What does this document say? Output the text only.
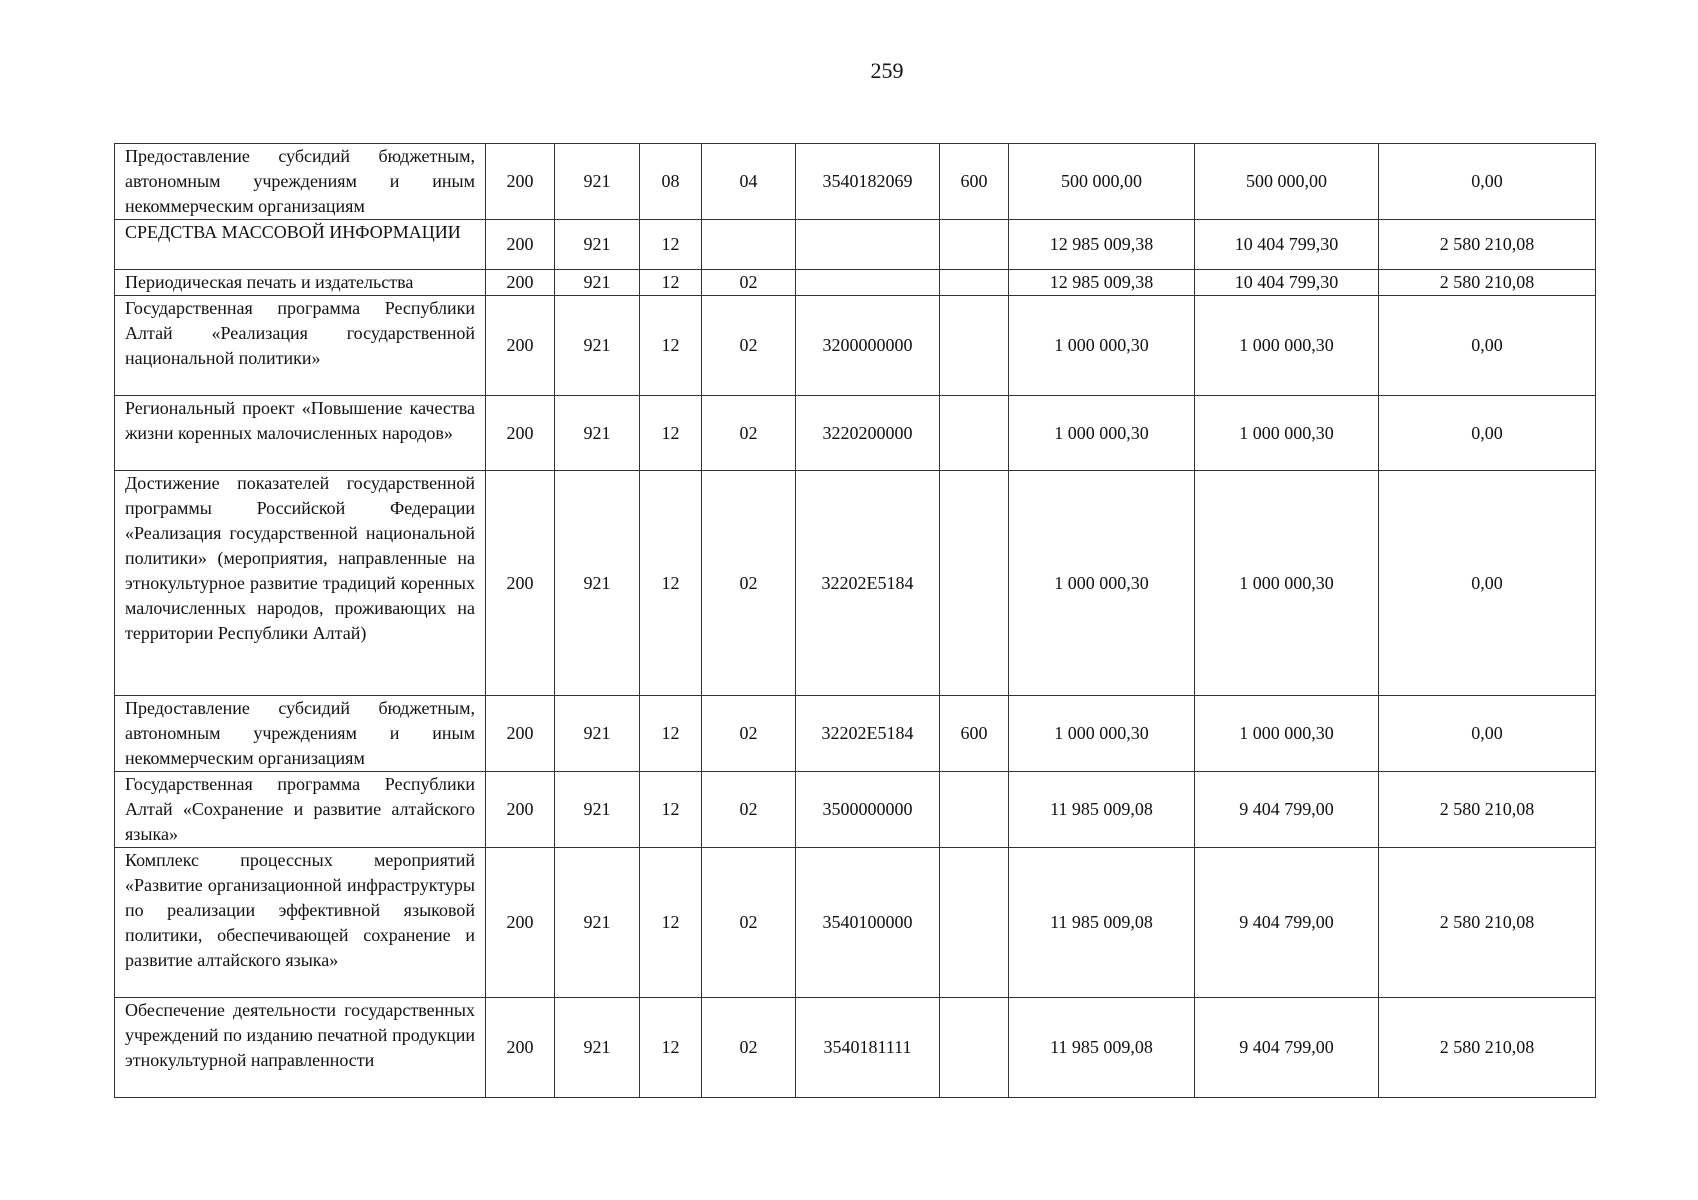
259
Предоставление субсидий бюджетным, автономным учреждениям и иным некоммерческим организациям	200	921	08	04	3540182069	600	500 000,00	500 000,00	0,00
СРЕДСТВА МАССОВОЙ ИНФОРМАЦИИ	200	921	12				12 985 009,38	10 404 799,30	2 580 210,08
Периодическая печать и издательства	200	921	12	02			12 985 009,38	10 404 799,30	2 580 210,08
Государственная программа Республики Алтай «Реализация государственной национальной политики»	200	921	12	02	3200000000		1 000 000,30	1 000 000,30	0,00
Региональный проект «Повышение качества жизни коренных малочисленных народов»	200	921	12	02	3220200000		1 000 000,30	1 000 000,30	0,00
Достижение показателей государственной программы Российской Федерации «Реализация государственной национальной политики» (мероприятия, направленные на этнокультурное развитие традиций коренных малочисленных народов, проживающих на территории Республики Алтай)	200	921	12	02	32202E5184		1 000 000,30	1 000 000,30	0,00
Предоставление субсидий бюджетным, автономным учреждениям и иным некоммерческим организациям	200	921	12	02	32202E5184	600	1 000 000,30	1 000 000,30	0,00
Государственная программа Республики Алтай «Сохранение и развитие алтайского языка»	200	921	12	02	3500000000		11 985 009,08	9 404 799,00	2 580 210,08
Комплекс процессных мероприятий «Развитие организационной инфраструктуры по реализации эффективной языковой политики, обеспечивающей сохранение и развитие алтайского языка»	200	921	12	02	3540100000		11 985 009,08	9 404 799,00	2 580 210,08
Обеспечение деятельности государственных учреждений по изданию печатной продукции этнокультурной направленности	200	921	12	02	3540181111		11 985 009,08	9 404 799,00	2 580 210,08
